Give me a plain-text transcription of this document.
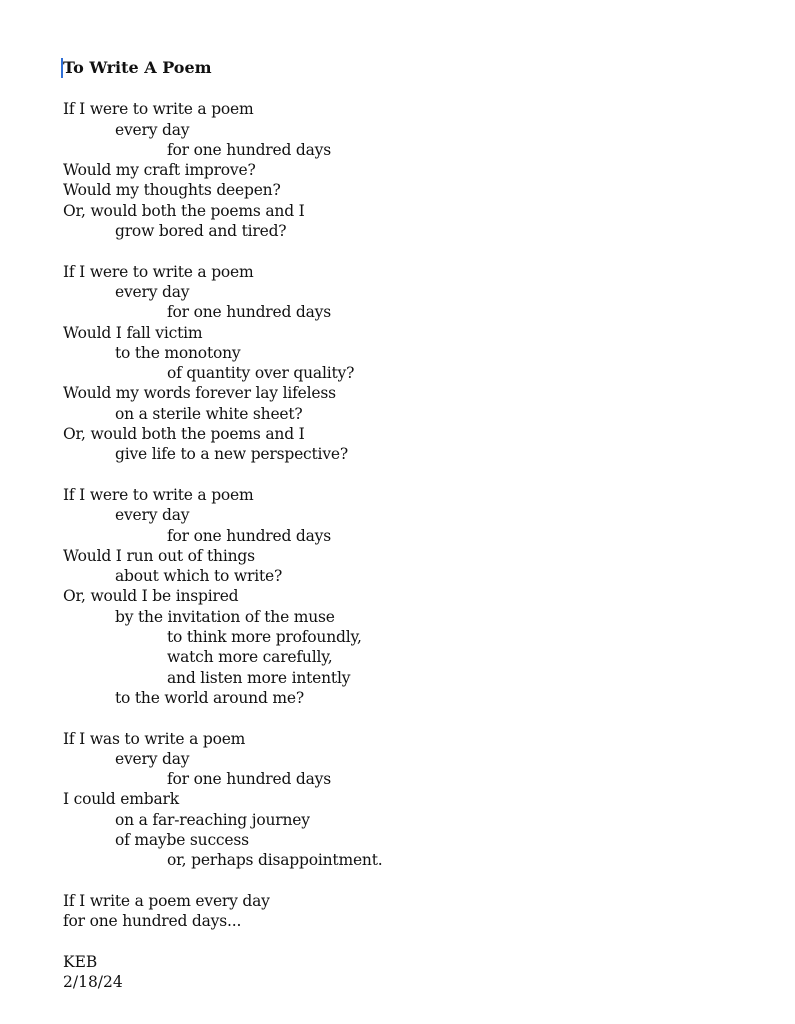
To Write A Poem
If I were to write a poem
every day
for one hundred days
Would my craft improve?
Would my thoughts deepen?
Or, would both the poems and I
grow bored and tired?
If I were to write a poem
every day
for one hundred days
Would I fall victim
to the monotony
of quantity over quality?
Would my words forever lay lifeless
on a sterile white sheet?
Or, would both the poems and I
give life to a new perspective?
If I were to write a poem
every day
for one hundred days
Would I run out of things
about which to write?
Or, would I be inspired
by the invitation of the muse
to think more profoundly,
watch more carefully,
and listen more intently
to the world around me?
If I was to write a poem
every day
for one hundred days
I could embark
on a far-reaching journey
of maybe success
or, perhaps disappointment.
If I write a poem every day
for one hundred days...
KEB
2/18/24
